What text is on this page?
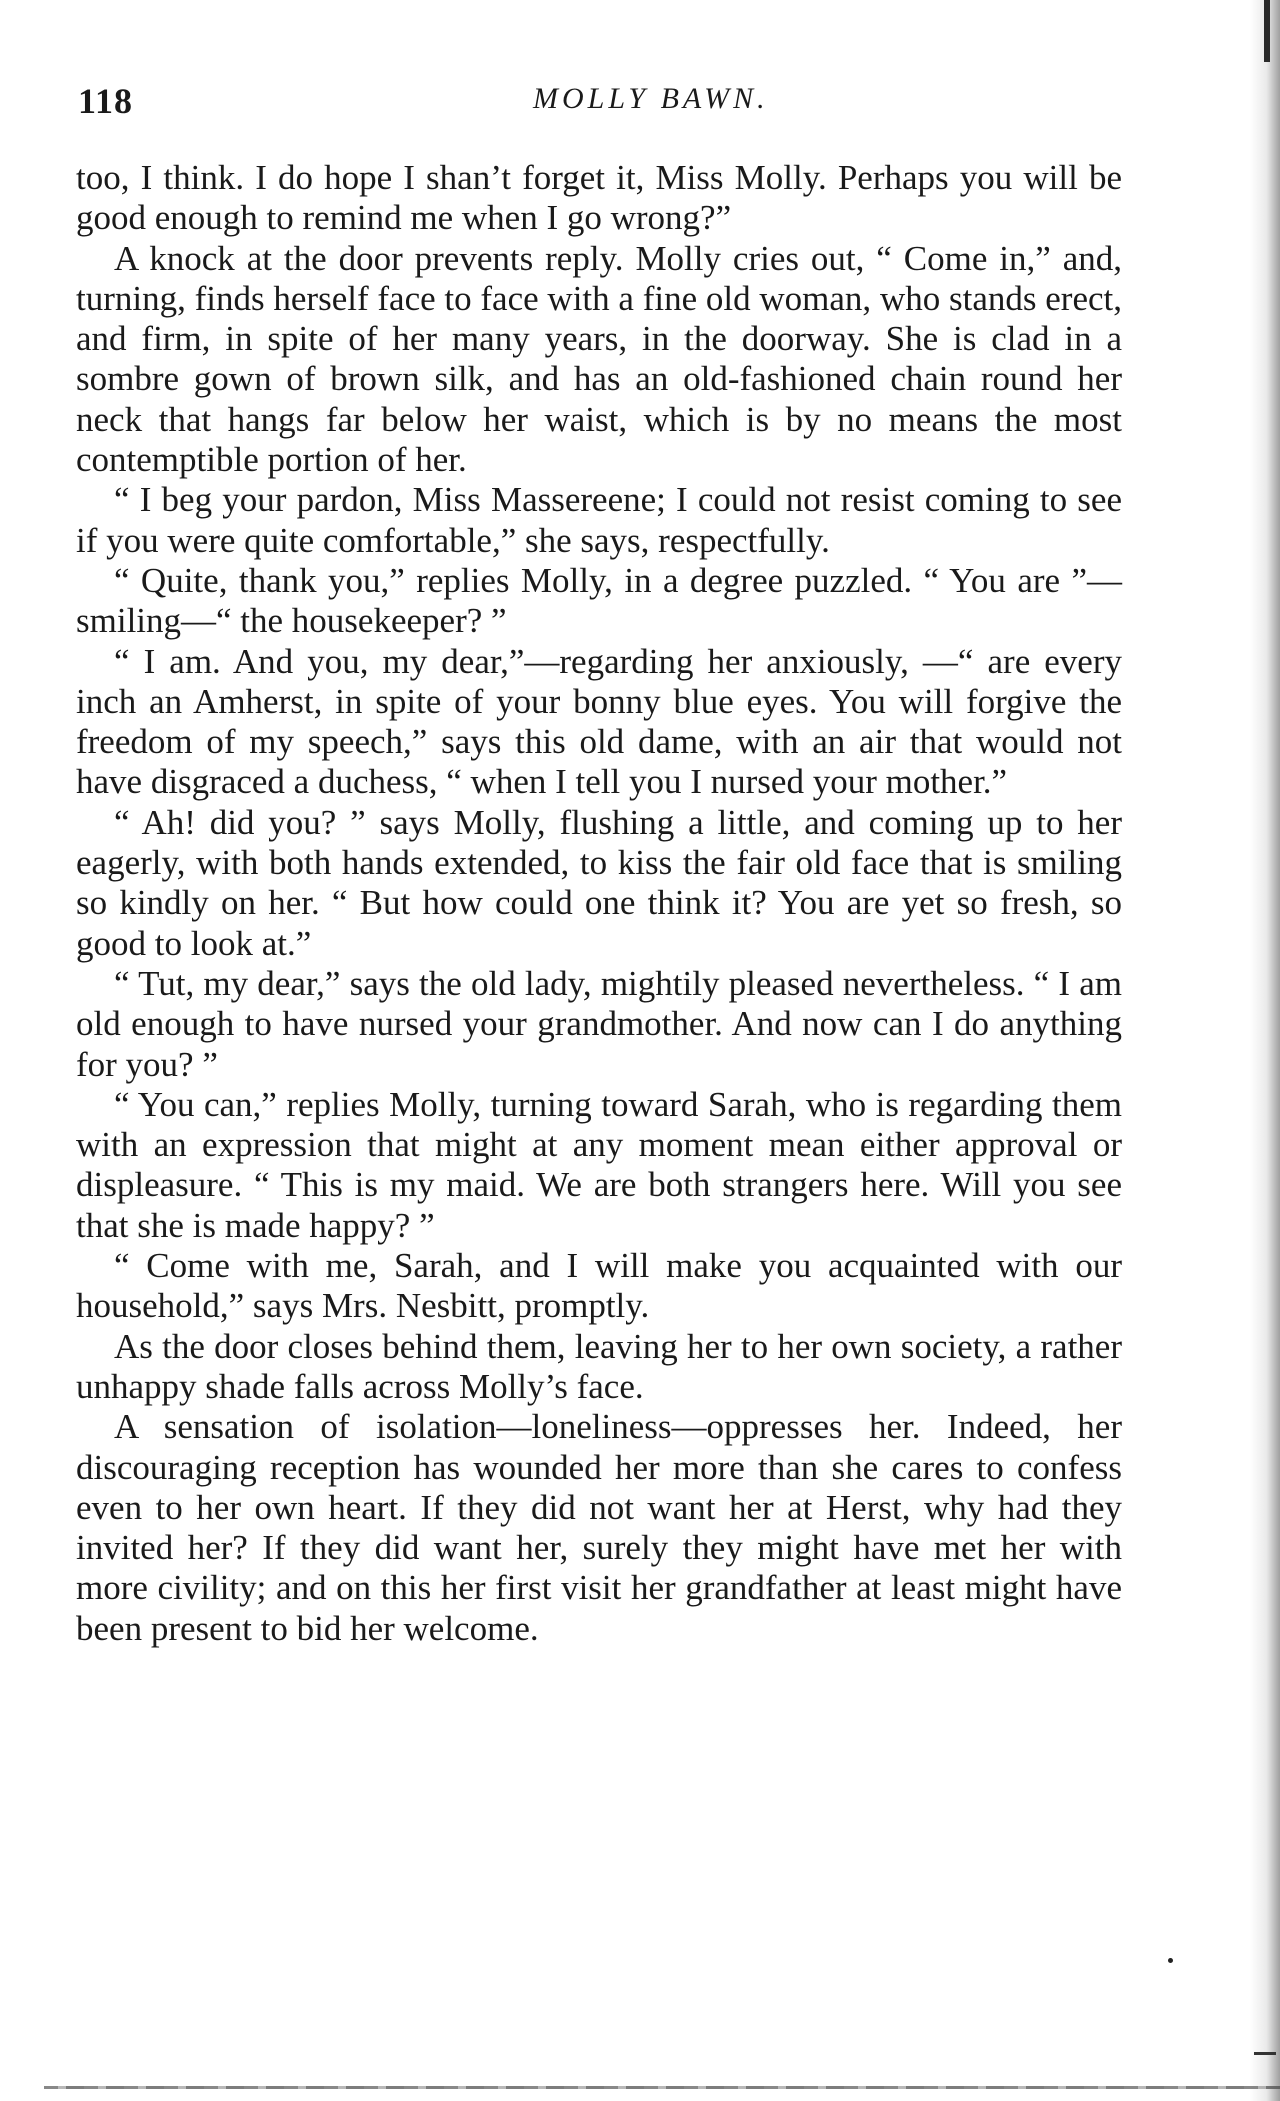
118	MOLLY BAWN.

too, I think. I do hope I shan’t forget it, Miss Molly. Perhaps you will be good enough to remind me when I go wrong?”

A knock at the door prevents reply. Molly cries out, “ Come in,” and, turning, finds herself face to face with a fine old woman, who stands erect, and firm, in spite of her many years, in the doorway. She is clad in a sombre gown of brown silk, and has an old-fashioned chain round her neck that hangs far below her waist, which is by no means the most contemptible portion of her.

“ I beg your pardon, Miss Massereene; I could not resist coming to see if you were quite comfortable,” she says, respectfully.

“ Quite, thank you,” replies Molly, in a degree puzzled. “ You are ”—smiling—“ the housekeeper? ”

“ I am. And you, my dear,”—regarding her anxiously, —“ are every inch an Amherst, in spite of your bonny blue eyes. You will forgive the freedom of my speech,” says this old dame, with an air that would not have disgraced a duchess, “ when I tell you I nursed your mother.”

“ Ah! did you? ” says Molly, flushing a little, and coming up to her eagerly, with both hands extended, to kiss the fair old face that is smiling so kindly on her. “ But how could one think it? You are yet so fresh, so good to look at.”

“ Tut, my dear,” says the old lady, mightily pleased nevertheless. “ I am old enough to have nursed your grandmother. And now can I do anything for you? ”

“ You can,” replies Molly, turning toward Sarah, who is regarding them with an expression that might at any moment mean either approval or displeasure. “ This is my maid. We are both strangers here. Will you see that she is made happy? ”

“ Come with me, Sarah, and I will make you acquainted with our household,” says Mrs. Nesbitt, promptly.

As the door closes behind them, leaving her to her own society, a rather unhappy shade falls across Molly’s face.

A sensation of isolation—loneliness—oppresses her. Indeed, her discouraging reception has wounded her more than she cares to confess even to her own heart. If they did not want her at Herst, why had they invited her? If they did want her, surely they might have met her with more civility; and on this her first visit her grandfather at least might have been present to bid her welcome.
